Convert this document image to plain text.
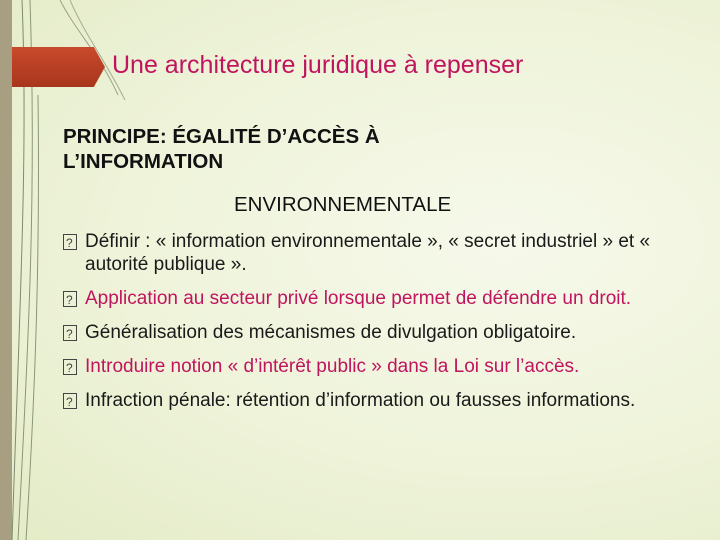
Une architecture juridique à repenser
PRINCIPE: ÉGALITÉ D’ACCÈS À
L’INFORMATION
ENVIRONNEMENTALE
?
Définir : « information environnementale », « secret industriel » et « autorité publique ».
?
Application au secteur privé lorsque permet de défendre un droit.
?
Généralisation des mécanismes de divulgation obligatoire.
?
Introduire notion « d’intérêt public » dans la Loi sur l’accès.
?
Infraction pénale: rétention d’information ou fausses informations.
